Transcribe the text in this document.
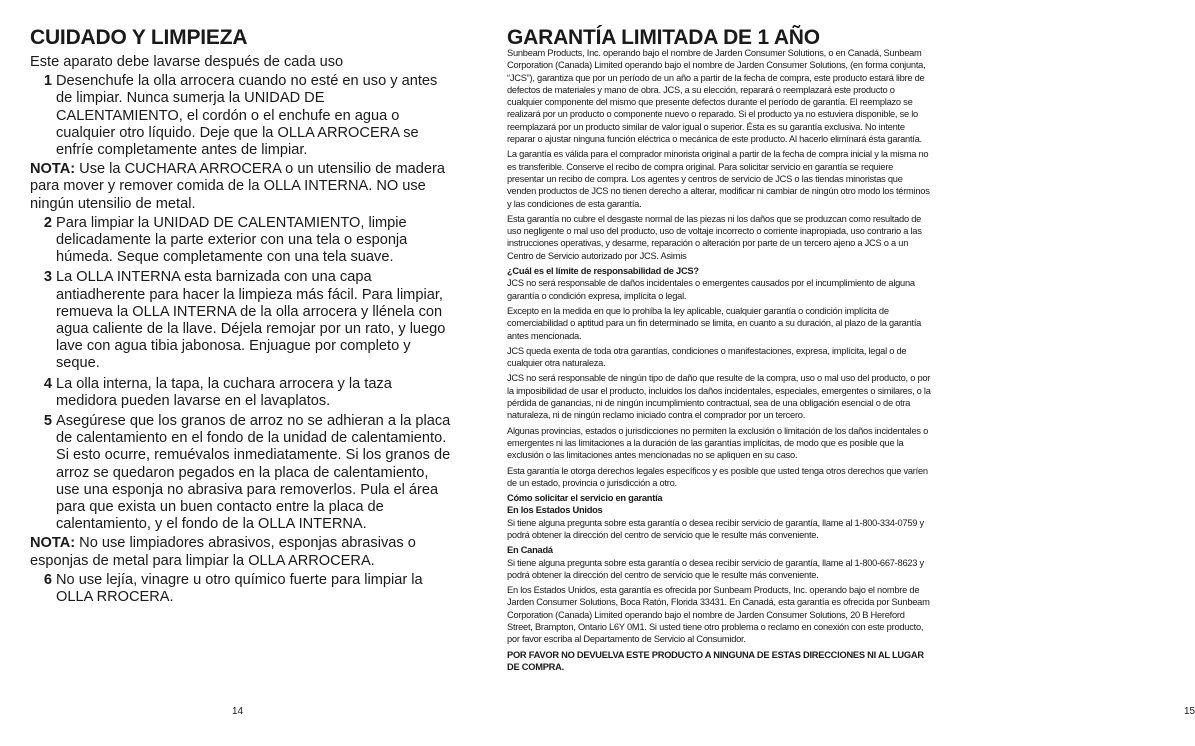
CUIDADO Y LIMPIEZA

Este aparato debe lavarse después de cada uso

1 Desenchufe la olla arrocera cuando no esté en uso y antes de limpiar. Nunca sumerja la UNIDAD DE CALENTAMIENTO, el cordón o el enchufe en agua o cualquier otro líquido. Deje que la OLLA ARROCERA se enfríe completamente antes de limpiar.

NOTA: Use la CUCHARA ARROCERA o un utensilio de madera para mover y remover comida de la OLLA INTERNA. NO use ningún utensilio de metal.

2 Para limpiar la UNIDAD DE CALENTAMIENTO, limpie delicadamente la parte exterior con una tela o esponja húmeda. Seque completamente con una tela suave.
3 La OLLA INTERNA esta barnizada con una capa antiadherente para hacer la limpieza más fácil. Para limpiar, remueva la OLLA INTERNA de la olla arrocera y llénela con agua caliente de la llave. Déjela remojar por un rato, y luego lave con agua tibia jabonosa. Enjuague por completo y seque.
4 La olla interna, la tapa, la cuchara arrocera y la taza medidora pueden lavarse en el lavaplatos.
5 Asegúrese que los granos de arroz no se adhieran a la placa de calentamiento en el fondo de la unidad de calentamiento. Si esto ocurre, remuévalos inmediatamente. Si los granos de arroz se quedaron pegados en la placa de calentamiento, use una esponja no abrasiva para removerlos. Pula el área para que exista un buen contacto entre la placa de calentamiento, y el fondo de la OLLA INTERNA.

NOTA: No use limpiadores abrasivos, esponjas abrasivas o esponjas de metal para limpiar la OLLA ARROCERA.

6 No use lejía, vinagre u otro químico fuerte para limpiar la OLLA RROCERA.
14
GARANTÍA LIMITADA DE 1 AÑO

Sunbeam Products, Inc. operando bajo el nombre de Jarden Consumer Solutions, o en Canadá, Sunbeam Corporation (Canada) Limited operando bajo el nombre de Jarden Consumer Solutions, (en forma conjunta, “JCS”), garantiza que por un período de un año a partir de la fecha de compra, este producto estará libre de defectos de materiales y mano de obra. JCS, a su elección, reparará o reemplazará este producto o cualquier componente del mismo que presente defectos durante el período de garantía. El reemplazo se realizará por un producto o componente nuevo o reparado. Si el producto ya no estuviera disponible, se lo reemplazará por un producto similar de valor igual o superior. Ésta es su garantía exclusiva. No intente reparar o ajustar ninguna función eléctrica o mecánica de este producto. Al hacerlo elimínará ésta garantía.

La garantía es válida para el comprador minorista original a partir de la fecha de compra inicial y la misma no es transferible. Conserve el recibo de compra original. Para solicitar servicio en garantía se requiere presentar un recibo de compra. Los agentes y centros de servicio de JCS o las tiendas minoristas que venden productos de JCS no tienen derecho a alterar, modificar ni cambiar de ningún otro modo los términos y las condiciones de esta garantía.

Esta garantía no cubre el desgaste normal de las piezas ni los daños que se produzcan como resultado de uso negligente o mal uso del producto, uso de voltaje incorrecto o corriente inapropiada, uso contrario a las instrucciones operativas, y desarme, reparación o alteración por parte de un tercero ajeno a JCS o a un Centro de Servicio autorizado por JCS. Asimis

¿Cuál es el límite de responsabilidad de JCS?

JCS no será responsable de daños incidentales o emergentes causados por el incumplimiento de alguna garantía o condición expresa, implícita o legal.

Excepto en la medida en que lo prohíba la ley aplicable, cualquier garantía o condición implícita de comerciabilidad o aptitud para un fin determinado se limita, en cuanto a su duración, al plazo de la garantía antes mencionada.

JCS queda exenta de toda otra garantías, condiciones o manifestaciones, expresa, implícita, legal o de cualquier otra naturaleza.

JCS no será responsable de ningún tipo de daño que resulte de la compra, uso o mal uso del producto, o por la imposibilidad de usar el producto, incluidos los daños incidentales, especiales, emergentes o similares, o la pérdida de ganancias, ni de ningún incumplimiento contractual, sea de una obligación esencial o de otra naturaleza, ni de ningún reclamo iniciado contra el comprador por un tercero.

Algunas provincias, estados o jurisdicciones no permiten la exclusión o limitación de los daños incidentales o emergentes ni las limitaciones a la duración de las garantías implícitas, de modo que es posible que la exclusión o las limitaciones antes mencionadas no se apliquen en su caso.

Esta garantía le otorga derechos legales específicos y es posible que usted tenga otros derechos que varíen de un estado, provincia o jurisdicción a otro.

Cómo solicitar el servicio en garantía

En los Estados Unidos

Si tiene alguna pregunta sobre esta garantía o desea recibir servicio de garantía, llame al 1-800-334-0759 y podrá obtener la dirección del centro de servicio que le resulte más conveniente.

En Canadá

Si tiene alguna pregunta sobre esta garantía o desea recibir servicio de garantía, llame al 1-800-667-8623 y podrá obtener la dirección del centro de servicio que le resulte más conveniente.

En los Estados Unidos, esta garantía es ofrecida por Sunbeam Products, Inc. operando bajo el nombre de Jarden Consumer Solutions, Boca Ratón, Florida 33431. En Canadá, esta garantía es ofrecida por Sunbeam Corporation (Canada) Limited operando bajo el nombre de Jarden Consumer Solutions, 20 B Hereford Street, Brampton, Ontario L6Y 0M1. Si usted tiene otro problema o reclamo en conexión con este producto, por favor escriba al Departamento de Servicio al Consumidor.

POR FAVOR NO DEVUELVA ESTE PRODUCTO A NINGUNA DE ESTAS DIRECCIONES NI AL LUGAR DE COMPRA.

15
